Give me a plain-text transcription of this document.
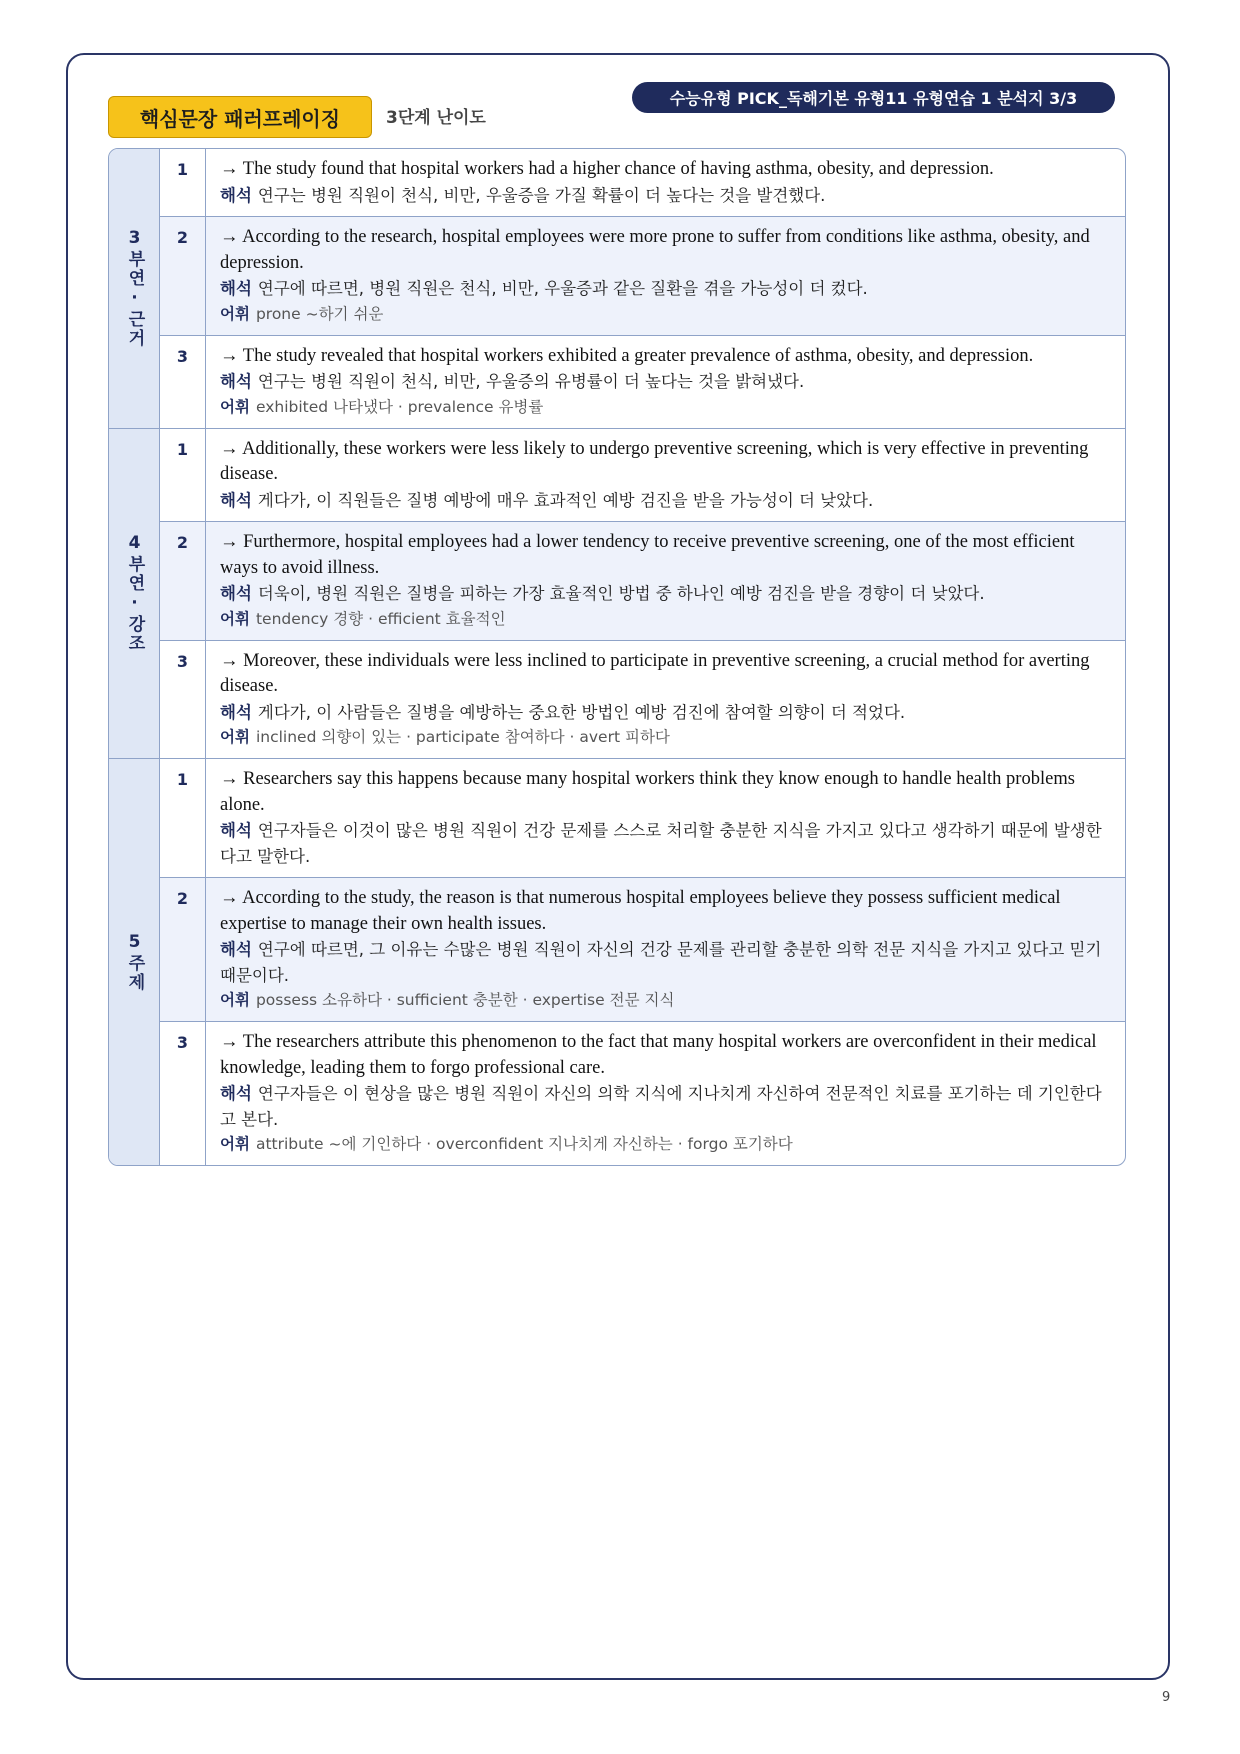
핵심문장 패러프레이징	3단계 난이도
수능유형 PICK_독해기본 유형11 유형연습 1 분석지 3/3
3부연·근거
1	→ The study found that hospital workers had a higher chance of having asthma, obesity, and depression.
해석 연구는 병원 직원이 천식, 비만, 우울증을 가질 확률이 더 높다는 것을 발견했다.
2	→ According to the research, hospital employees were more prone to suffer from conditions like asthma, obesity, and depression.
해석 연구에 따르면, 병원 직원은 천식, 비만, 우울증과 같은 질환을 겪을 가능성이 더 컸다.
어휘 prone ~하기 쉬운
3	→ The study revealed that hospital workers exhibited a greater prevalence of asthma, obesity, and depression.
해석 연구는 병원 직원이 천식, 비만, 우울증의 유병률이 더 높다는 것을 밝혀냈다.
어휘 exhibited 나타냈다 · prevalence 유병률
4부연·강조
1	→ Additionally, these workers were less likely to undergo preventive screening, which is very effective in preventing disease.
해석 게다가, 이 직원들은 질병 예방에 매우 효과적인 예방 검진을 받을 가능성이 더 낮았다.
2	→ Furthermore, hospital employees had a lower tendency to receive preventive screening, one of the most efficient ways to avoid illness.
해석 더욱이, 병원 직원은 질병을 피하는 가장 효율적인 방법 중 하나인 예방 검진을 받을 경향이 더 낮았다.
어휘 tendency 경향 · efficient 효율적인
3	→ Moreover, these individuals were less inclined to participate in preventive screening, a crucial method for averting disease.
해석 게다가, 이 사람들은 질병을 예방하는 중요한 방법인 예방 검진에 참여할 의향이 더 적었다.
어휘 inclined 의향이 있는 · participate 참여하다 · avert 피하다
5주제
1	→ Researchers say this happens because many hospital workers think they know enough to handle health problems alone.
해석 연구자들은 이것이 많은 병원 직원이 건강 문제를 스스로 처리할 충분한 지식을 가지고 있다고 생각하기 때문에 발생한다고 말한다.
2	→ According to the study, the reason is that numerous hospital employees believe they possess sufficient medical expertise to manage their own health issues.
해석 연구에 따르면, 그 이유는 수많은 병원 직원이 자신의 건강 문제를 관리할 충분한 의학 전문 지식을 가지고 있다고 믿기 때문이다.
어휘 possess 소유하다 · sufficient 충분한 · expertise 전문 지식
3	→ The researchers attribute this phenomenon to the fact that many hospital workers are overconfident in their medical knowledge, leading them to forgo professional care.
해석 연구자들은 이 현상을 많은 병원 직원이 자신의 의학 지식에 지나치게 자신하여 전문적인 치료를 포기하는 데 기인한다고 본다.
어휘 attribute ~에 기인하다 · overconfident 지나치게 자신하는 · forgo 포기하다
9
